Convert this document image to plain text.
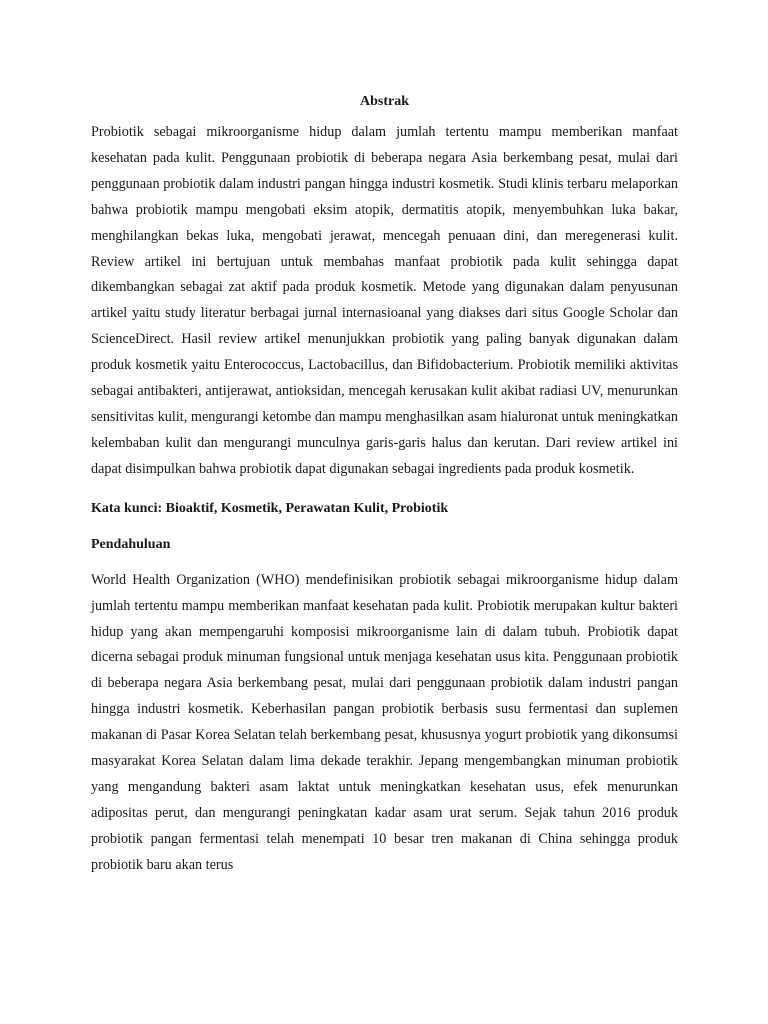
Abstrak

Probiotik sebagai mikroorganisme hidup dalam jumlah tertentu mampu memberikan manfaat kesehatan pada kulit. Penggunaan probiotik di beberapa negara Asia berkembang pesat, mulai dari penggunaan probiotik dalam industri pangan hingga industri kosmetik. Studi klinis terbaru melaporkan bahwa probiotik mampu mengobati eksim atopik, dermatitis atopik, menyembuhkan luka bakar, menghilangkan bekas luka, mengobati jerawat, mencegah penuaan dini, dan meregenerasi kulit. Review artikel ini bertujuan untuk membahas manfaat probiotik pada kulit sehingga dapat dikembangkan sebagai zat aktif pada produk kosmetik. Metode yang digunakan dalam penyusunan artikel yaitu study literatur berbagai jurnal internasioanal yang diakses dari situs Google Scholar dan ScienceDirect. Hasil review artikel menunjukkan probiotik yang paling banyak digunakan dalam produk kosmetik yaitu Enterococcus, Lactobacillus, dan Bifidobacterium. Probiotik memiliki aktivitas sebagai antibakteri, antijerawat, antioksidan, mencegah kerusakan kulit akibat radiasi UV, menurunkan sensitivitas kulit, mengurangi ketombe dan mampu menghasilkan asam hialuronat untuk meningkatkan kelembaban kulit dan mengurangi munculnya garis-garis halus dan kerutan. Dari review artikel ini dapat disimpulkan bahwa probiotik dapat digunakan sebagai ingredients pada produk kosmetik.

Kata kunci: Bioaktif, Kosmetik, Perawatan Kulit, Probiotik

Pendahuluan

World Health Organization (WHO) mendefinisikan probiotik sebagai mikroorganisme hidup dalam jumlah tertentu mampu memberikan manfaat kesehatan pada kulit. Probiotik merupakan kultur bakteri hidup yang akan mempengaruhi komposisi mikroorganisme lain di dalam tubuh. Probiotik dapat dicerna sebagai produk minuman fungsional untuk menjaga kesehatan usus kita. Penggunaan probiotik di beberapa negara Asia berkembang pesat, mulai dari penggunaan probiotik dalam industri pangan hingga industri kosmetik. Keberhasilan pangan probiotik berbasis susu fermentasi dan suplemen makanan di Pasar Korea Selatan telah berkembang pesat, khususnya yogurt probiotik yang dikonsumsi masyarakat Korea Selatan dalam lima dekade terakhir. Jepang mengembangkan minuman probiotik yang mengandung bakteri asam laktat untuk meningkatkan kesehatan usus, efek menurunkan adipositas perut, dan mengurangi peningkatan kadar asam urat serum. Sejak tahun 2016 produk probiotik pangan fermentasi telah menempati 10 besar tren makanan di China sehingga produk probiotik baru akan terus
